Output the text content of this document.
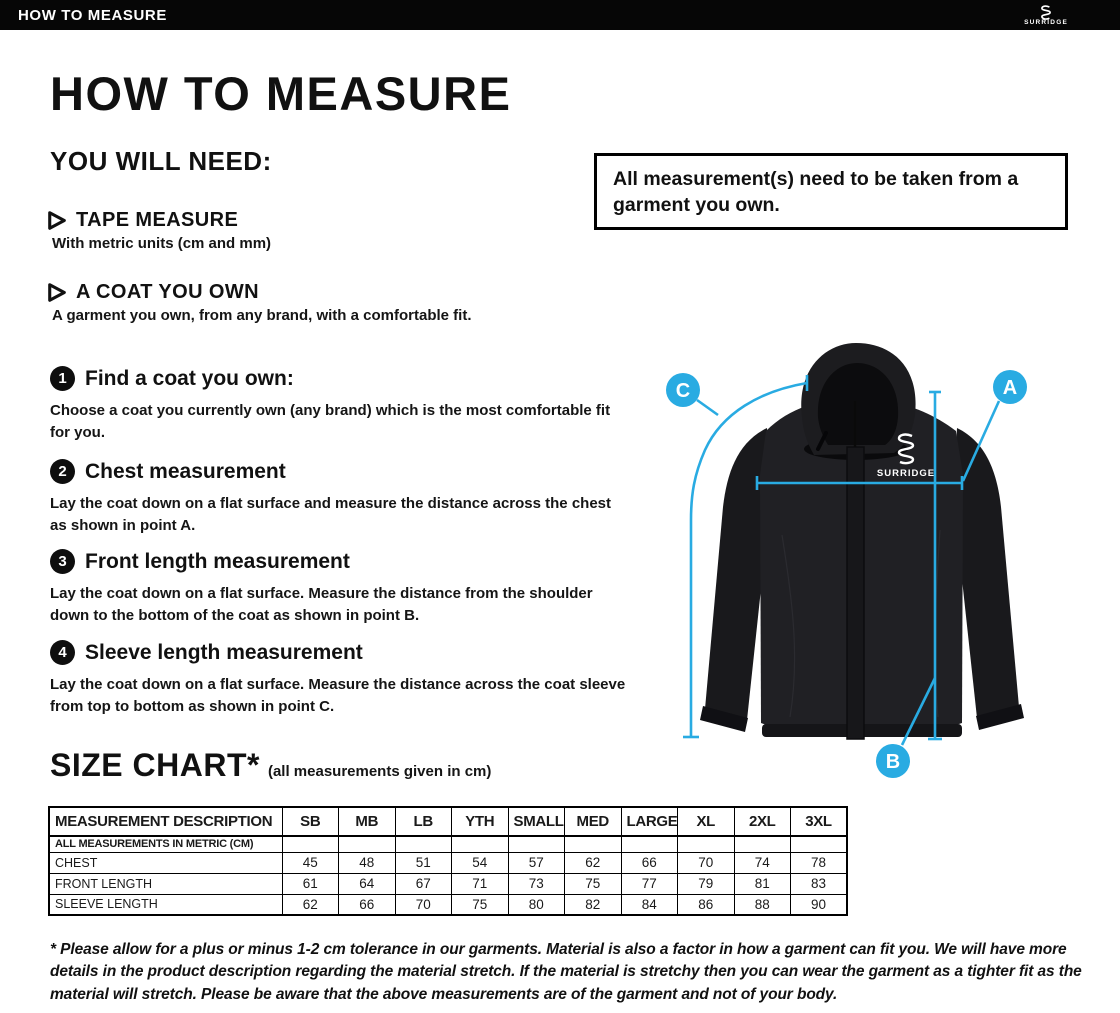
HOW TO MEASURE	SURRIDGE
HOW TO MEASURE
YOU WILL NEED:
All measurement(s) need to be taken from a garment you own.
TAPE MEASURE
With metric units (cm and mm)
A COAT YOU OWN
A garment you own, from any brand, with a comfortable fit.
1 Find a coat you own:
Choose a coat you currently own (any brand) which is the most comfortable fit for you.
2 Chest measurement
Lay the coat down on a flat surface and measure the distance across the chest as shown in point A.
3 Front length measurement
Lay the coat down on a flat surface. Measure the distance from the shoulder down to the bottom of the coat as shown in point B.
4 Sleeve length measurement
Lay the coat down on a flat surface. Measure the distance across the coat sleeve from top to bottom as shown in point C.
SURRIDGE
C	A
B
SIZE CHART* (all measurements given in cm)
MEASUREMENT DESCRIPTION	SB	MB	LB	YTH	SMALL	MED	LARGE	XL	2XL	3XL
ALL MEASUREMENTS IN METRIC (CM)										
CHEST	45	48	51	54	57	62	66	70	74	78
FRONT LENGTH	61	64	67	71	73	75	77	79	81	83
SLEEVE LENGTH	62	66	70	75	80	82	84	86	88	90
* Please allow for a plus or minus 1-2 cm tolerance in our garments. Material is also a factor in how a garment can fit you. We will have more details in the product description regarding the material stretch. If the material is stretchy then you can wear the garment as a tighter fit as the material will stretch. Please be aware that the above measurements are of the garment and not of your body.
